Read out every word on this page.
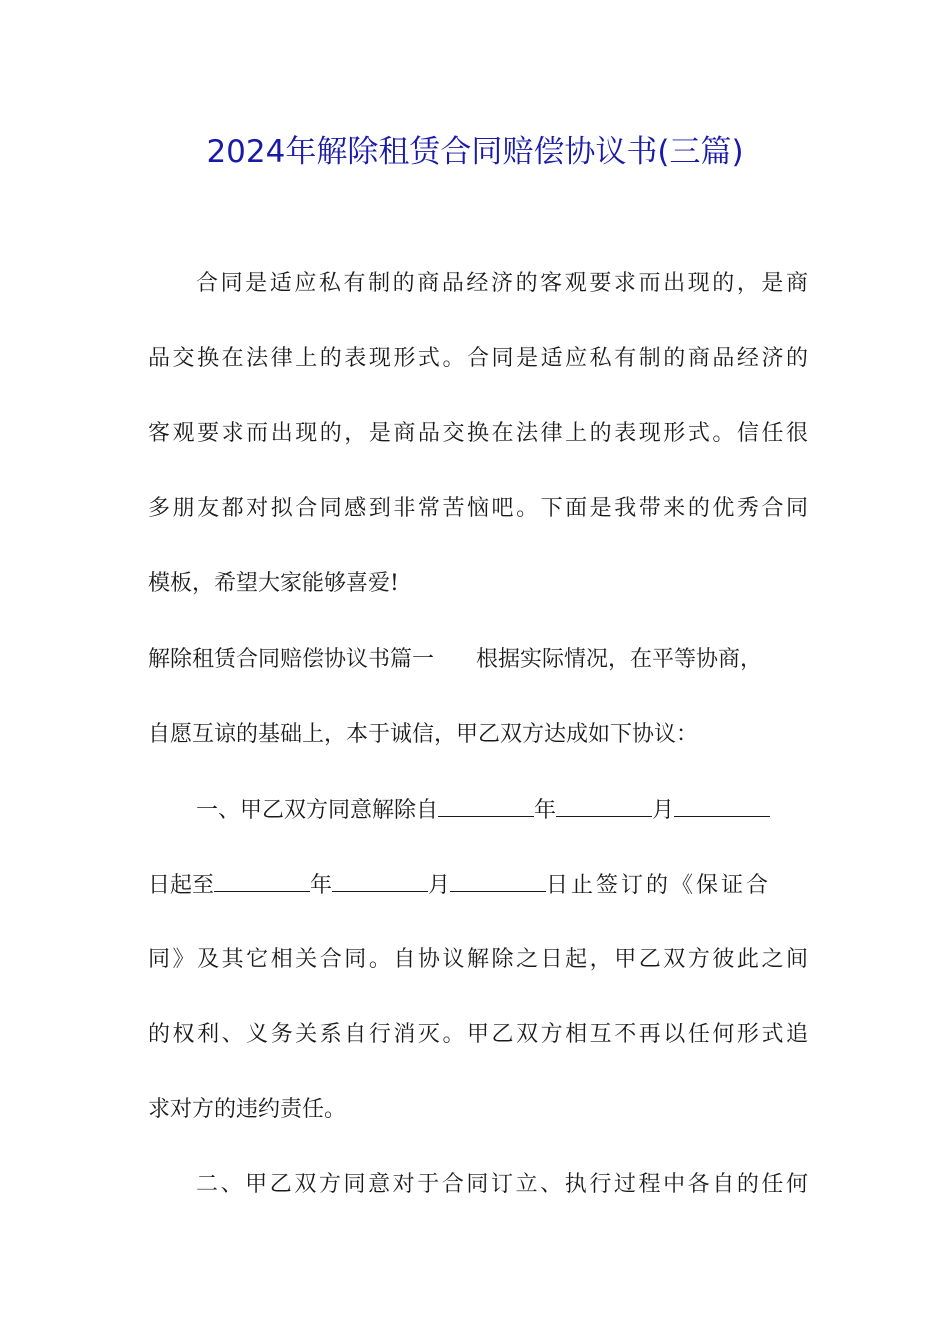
2024年解除租赁合同赔偿协议书(三篇)
合同是适应私有制的商品经济的客观要求而出现的，是商
品交换在法律上的表现形式。合同是适应私有制的商品经济的
客观要求而出现的，是商品交换在法律上的表现形式。信任很
多朋友都对拟合同感到非常苦恼吧。下面是我带来的优秀合同
模板，希望大家能够喜爱!
解除租赁合同赔偿协议书篇一 根据实际情况，在平等协商，
自愿互谅的基础上，本于诚信，甲乙双方达成如下协议：
一、甲乙双方同意解除自	年	月
日起至	年	月	日止签订的《保证合
同》及其它相关合同。自协议解除之日起，甲乙双方彼此之间
的权利、义务关系自行消灭。甲乙双方相互不再以任何形式追
求对方的违约责任。
二、甲乙双方同意对于合同订立、执行过程中各自的任何
